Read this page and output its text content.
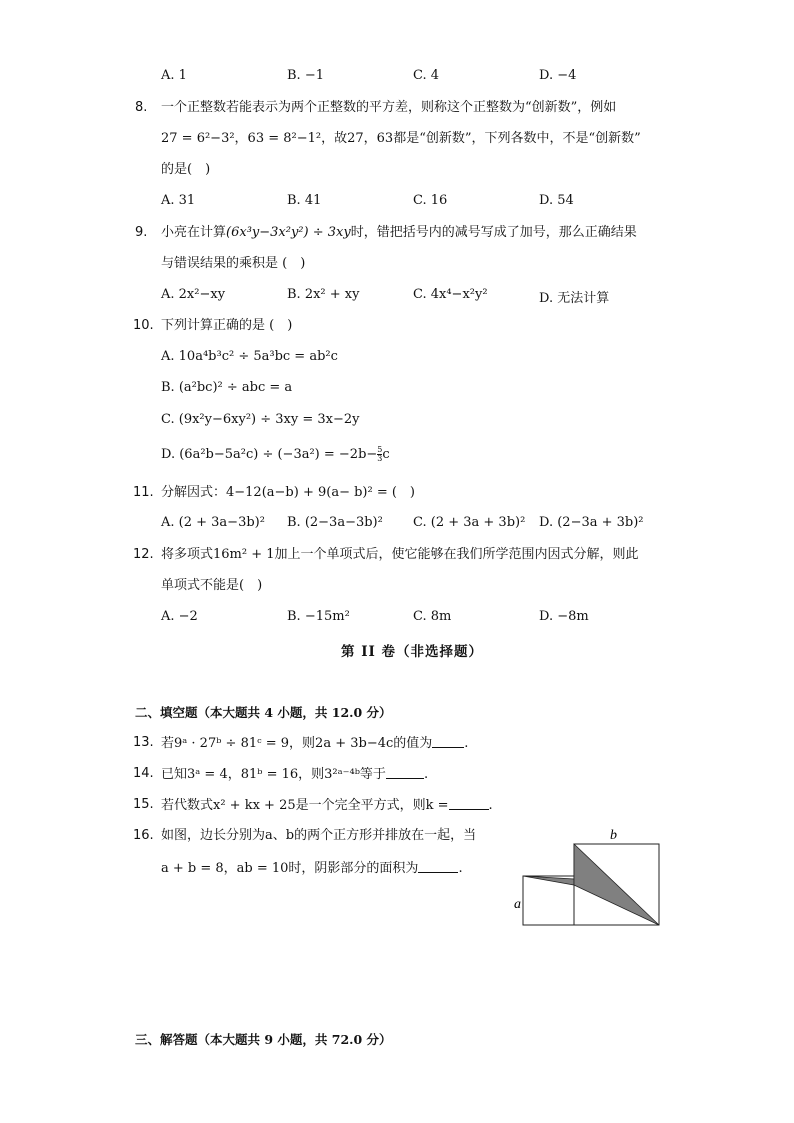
A. 1	B. −1	C. 4	D. −4
8. 一个正整数若能表示为两个正整数的平方差，则称这个正整数为“创新数”，例如
27 = 6²−3²，63 = 8²−1²，故27，63都是“创新数”，下列各数中，不是“创新数”
的是(　)
A. 31	B. 41	C. 16	D. 54
9. 小亮在计算(6x³y−3x²y²) ÷ 3xy时，错把括号内的减号写成了加号，那么正确结果
与错误结果的乘积是 (　)
A. 2x²−xy	B. 2x² + xy	C. 4x⁴−x²y²	D. 无法计算
10. 下列计算正确的是 (　)
A. 10a⁴b³c² ÷ 5a³bc = ab²c
B. (a²bc)² ÷ abc = a
C. (9x²y−6xy²) ÷ 3xy = 3x−2y
D. $(6a^2b-5a^2c) \div (-3a^2) = -2b- \frac{5}{3}$ c
11. 分解因式：4−12(a−b) + 9(a− b)² = (　)
A. (2 + 3a−3b)² B. (2−3a−3b)² C. (2 + 3a + 3b)² D. (2−3a + 3b)²
12. 将多项式16m² + 1加上一个单项式后，使它能够在我们所学范围内因式分解，则此
单项式不能是(　)
A. −2	B. −15m²	C. 8m	D. −8m
第 II 卷（非选择题）
二、填空题（本大题共 4 小题，共 12.0 分）
13. 若9ᵃ · 27ᵇ ÷ 81ᶜ = 9，则2a + 3b−4c的值为 .
14. 已知3ᵃ = 4，81ᵇ = 16，则3²ᵃ⁻⁴ᵇ等于	.
15. 若代数式x² + kx + 25是一个完全平方式，则k =	.
16. 如图，边长分别为a、b的两个正方形并排放在一起，当
a + b = 8，ab = 10时，阴影部分的面积为	.
a
b
三、解答题（本大题共 9 小题，共 72.0 分）
